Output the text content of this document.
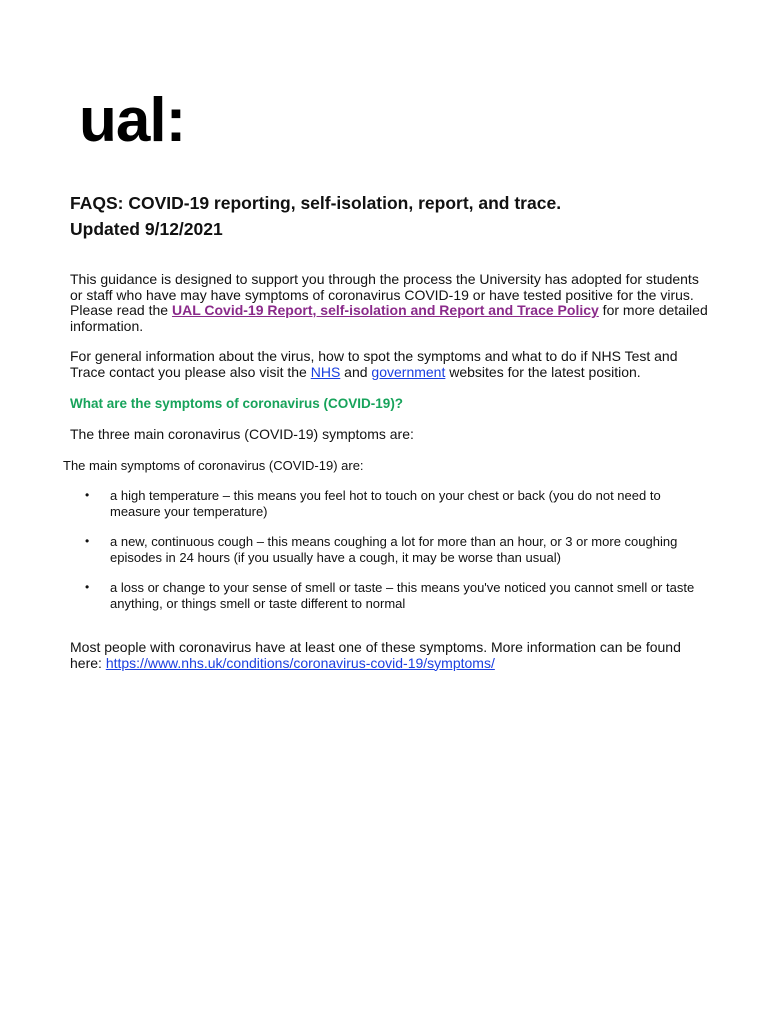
ual:
FAQS: COVID-19 reporting, self-isolation, report, and trace.
Updated 9/12/2021
This guidance is designed to support you through the process the University has adopted for students or staff who have may have symptoms of coronavirus COVID-19 or have tested positive for the virus. Please read the UAL Covid-19 Report, self-isolation and Report and Trace Policy for more detailed information.
For general information about the virus, how to spot the symptoms and what to do if NHS Test and Trace contact you please also visit the NHS and government websites for the latest position.
What are the symptoms of coronavirus (COVID-19)?
The three main coronavirus (COVID-19) symptoms are:
The main symptoms of coronavirus (COVID-19) are:
• a high temperature – this means you feel hot to touch on your chest or back (you do not need to measure your temperature)
• a new, continuous cough – this means coughing a lot for more than an hour, or 3 or more coughing episodes in 24 hours (if you usually have a cough, it may be worse than usual)
• a loss or change to your sense of smell or taste – this means you've noticed you cannot smell or taste anything, or things smell or taste different to normal
Most people with coronavirus have at least one of these symptoms. More information can be found here: https://www.nhs.uk/conditions/coronavirus-covid-19/symptoms/
